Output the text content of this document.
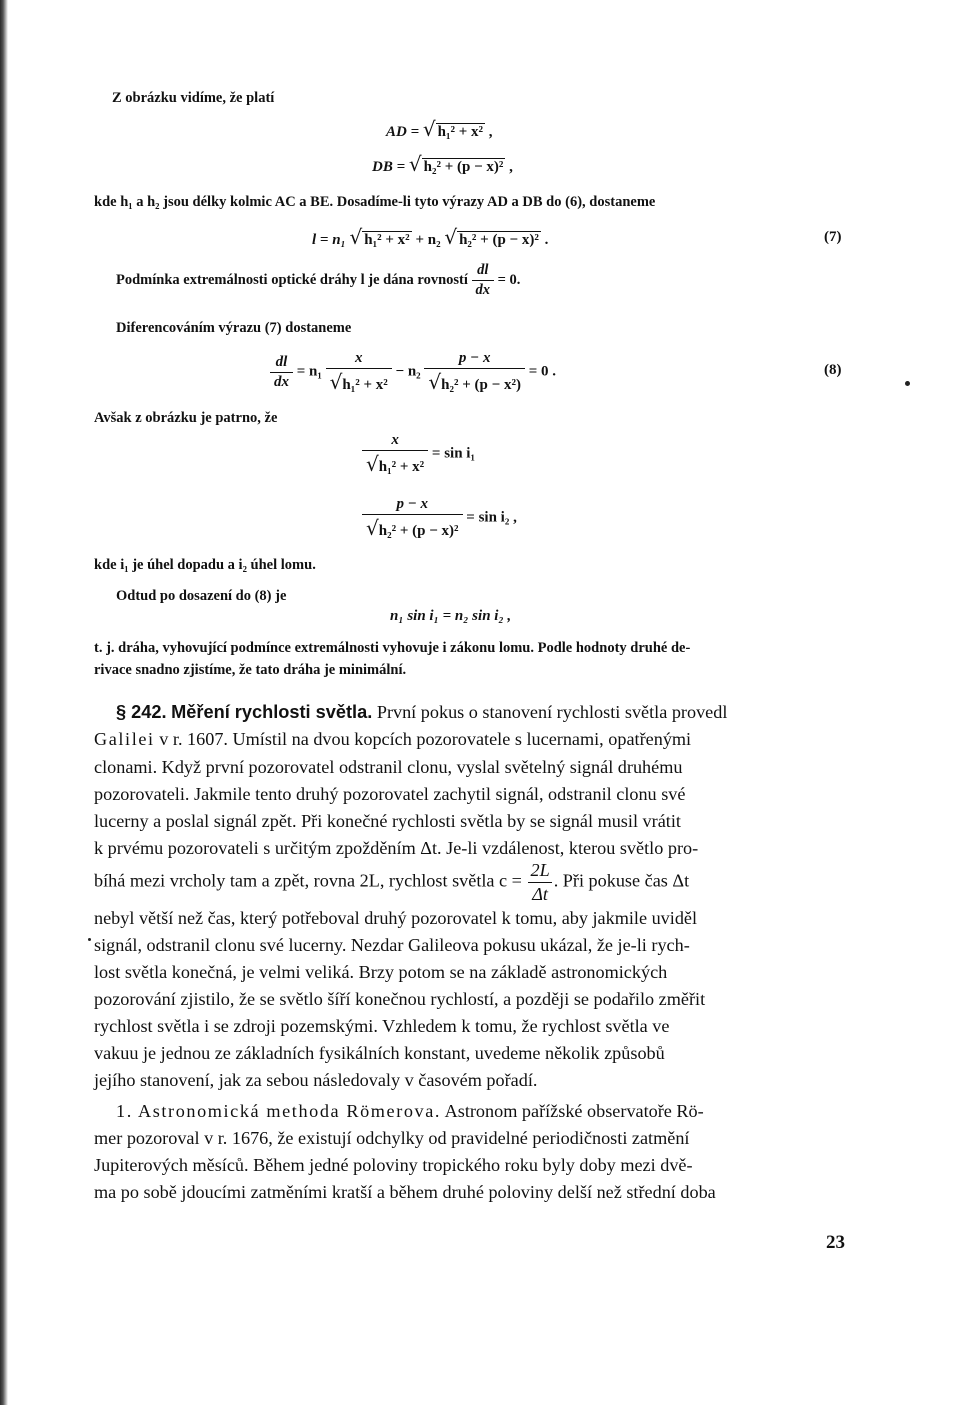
Z obrázku vidíme, že platí
AD = √ h₁² + x² ,
DB = √ h₂² + (p − x)² ,
kde h₁ a h₂ jsou délky kolmic AC a BE. Dosadíme-li tyto výrazy AD a DB do (6), dostaneme
l = n₁ √ h₁² + x² + n₂ √ h₂² + (p − x)² .	(7)
Podmínka extremálnosti optické dráhy l je dána rovností $\frac{dl}{dx} = 0$.
Diferencováním výrazu (7) dostaneme
$\frac{dl}{dx} = n_1 \frac{x}{\text{√h₁² + x²}} - n_2 \frac{p - x}{\text{√h₂² + (p − x²)}} = 0$ .	(8)
Avšak z obrázku je patrno, že
$\frac{x}{\text{√h₁² + x²}} = \sin i_1$
$\frac{p - x}{\text{√h₂² + (p − x)²}} = \sin i_2$ ,
kde i₁ je úhel dopadu a i₂ úhel lomu.
Odtud po dosazení do (8) je
n₁ sin i₁ = n₂ sin i₂ ,
t. j. dráha, vyhovující podmínce extremálnosti vyhovuje i zákonu lomu. Podle hodnoty druhé de-
rivace snadno zjistíme, že tato dráha je minimální.
§ 242. Měření rychlosti světla. První pokus o stanovení rychlosti světla provedl
Galilei v r. 1607. Umístil na dvou kopcích pozorovatele s lucernami, opatřenými
clonami. Když první pozorovatel odstranil clonu, vyslal světelný signál druhému
pozorovateli. Jakmile tento druhý pozorovatel zachytil signál, odstranil clonu své
lucerny a poslal signál zpět. Při konečné rychlosti světla by se signál musil vrátit
k prvému pozorovateli s určitým zpožděním Δt. Je-li vzdálenost, kterou světlo pro-
bíhá mezi vrcholy tam a zpět, rovna 2L, rychlost světla $c = \frac{2L}{\Delta t}$ . Při pokuse čas Δt
nebyl větší než čas, který potřeboval druhý pozorovatel k tomu, aby jakmile uviděl
signál, odstranil clonu své lucerny. Nezdar Galileova pokusu ukázal, že je-li rych-
lost světla konečná, je velmi veliká. Brzy potom se na základě astronomických
pozorování zjistilo, že se světlo šíří konečnou rychlostí, a později se podařilo změřit
rychlost světla i se zdroji pozemskými. Vzhledem k tomu, že rychlost světla ve
vakuu je jednou ze základních fysikálních konstant, uvedeme několik způsobů
jejího stanovení, jak za sebou následovaly v časovém pořadí.
1. Astronomická methoda Römerova. Astronom pařížské observatoře Rö-
mer pozoroval v r. 1676, že existují odchylky od pravidelné periodičnosti zatmění
Jupiterových měsíců. Během jedné poloviny tropického roku byly doby mezi dvě-
ma po sobě jdoucími zatměními kratší a během druhé poloviny delší než střední doba
23
